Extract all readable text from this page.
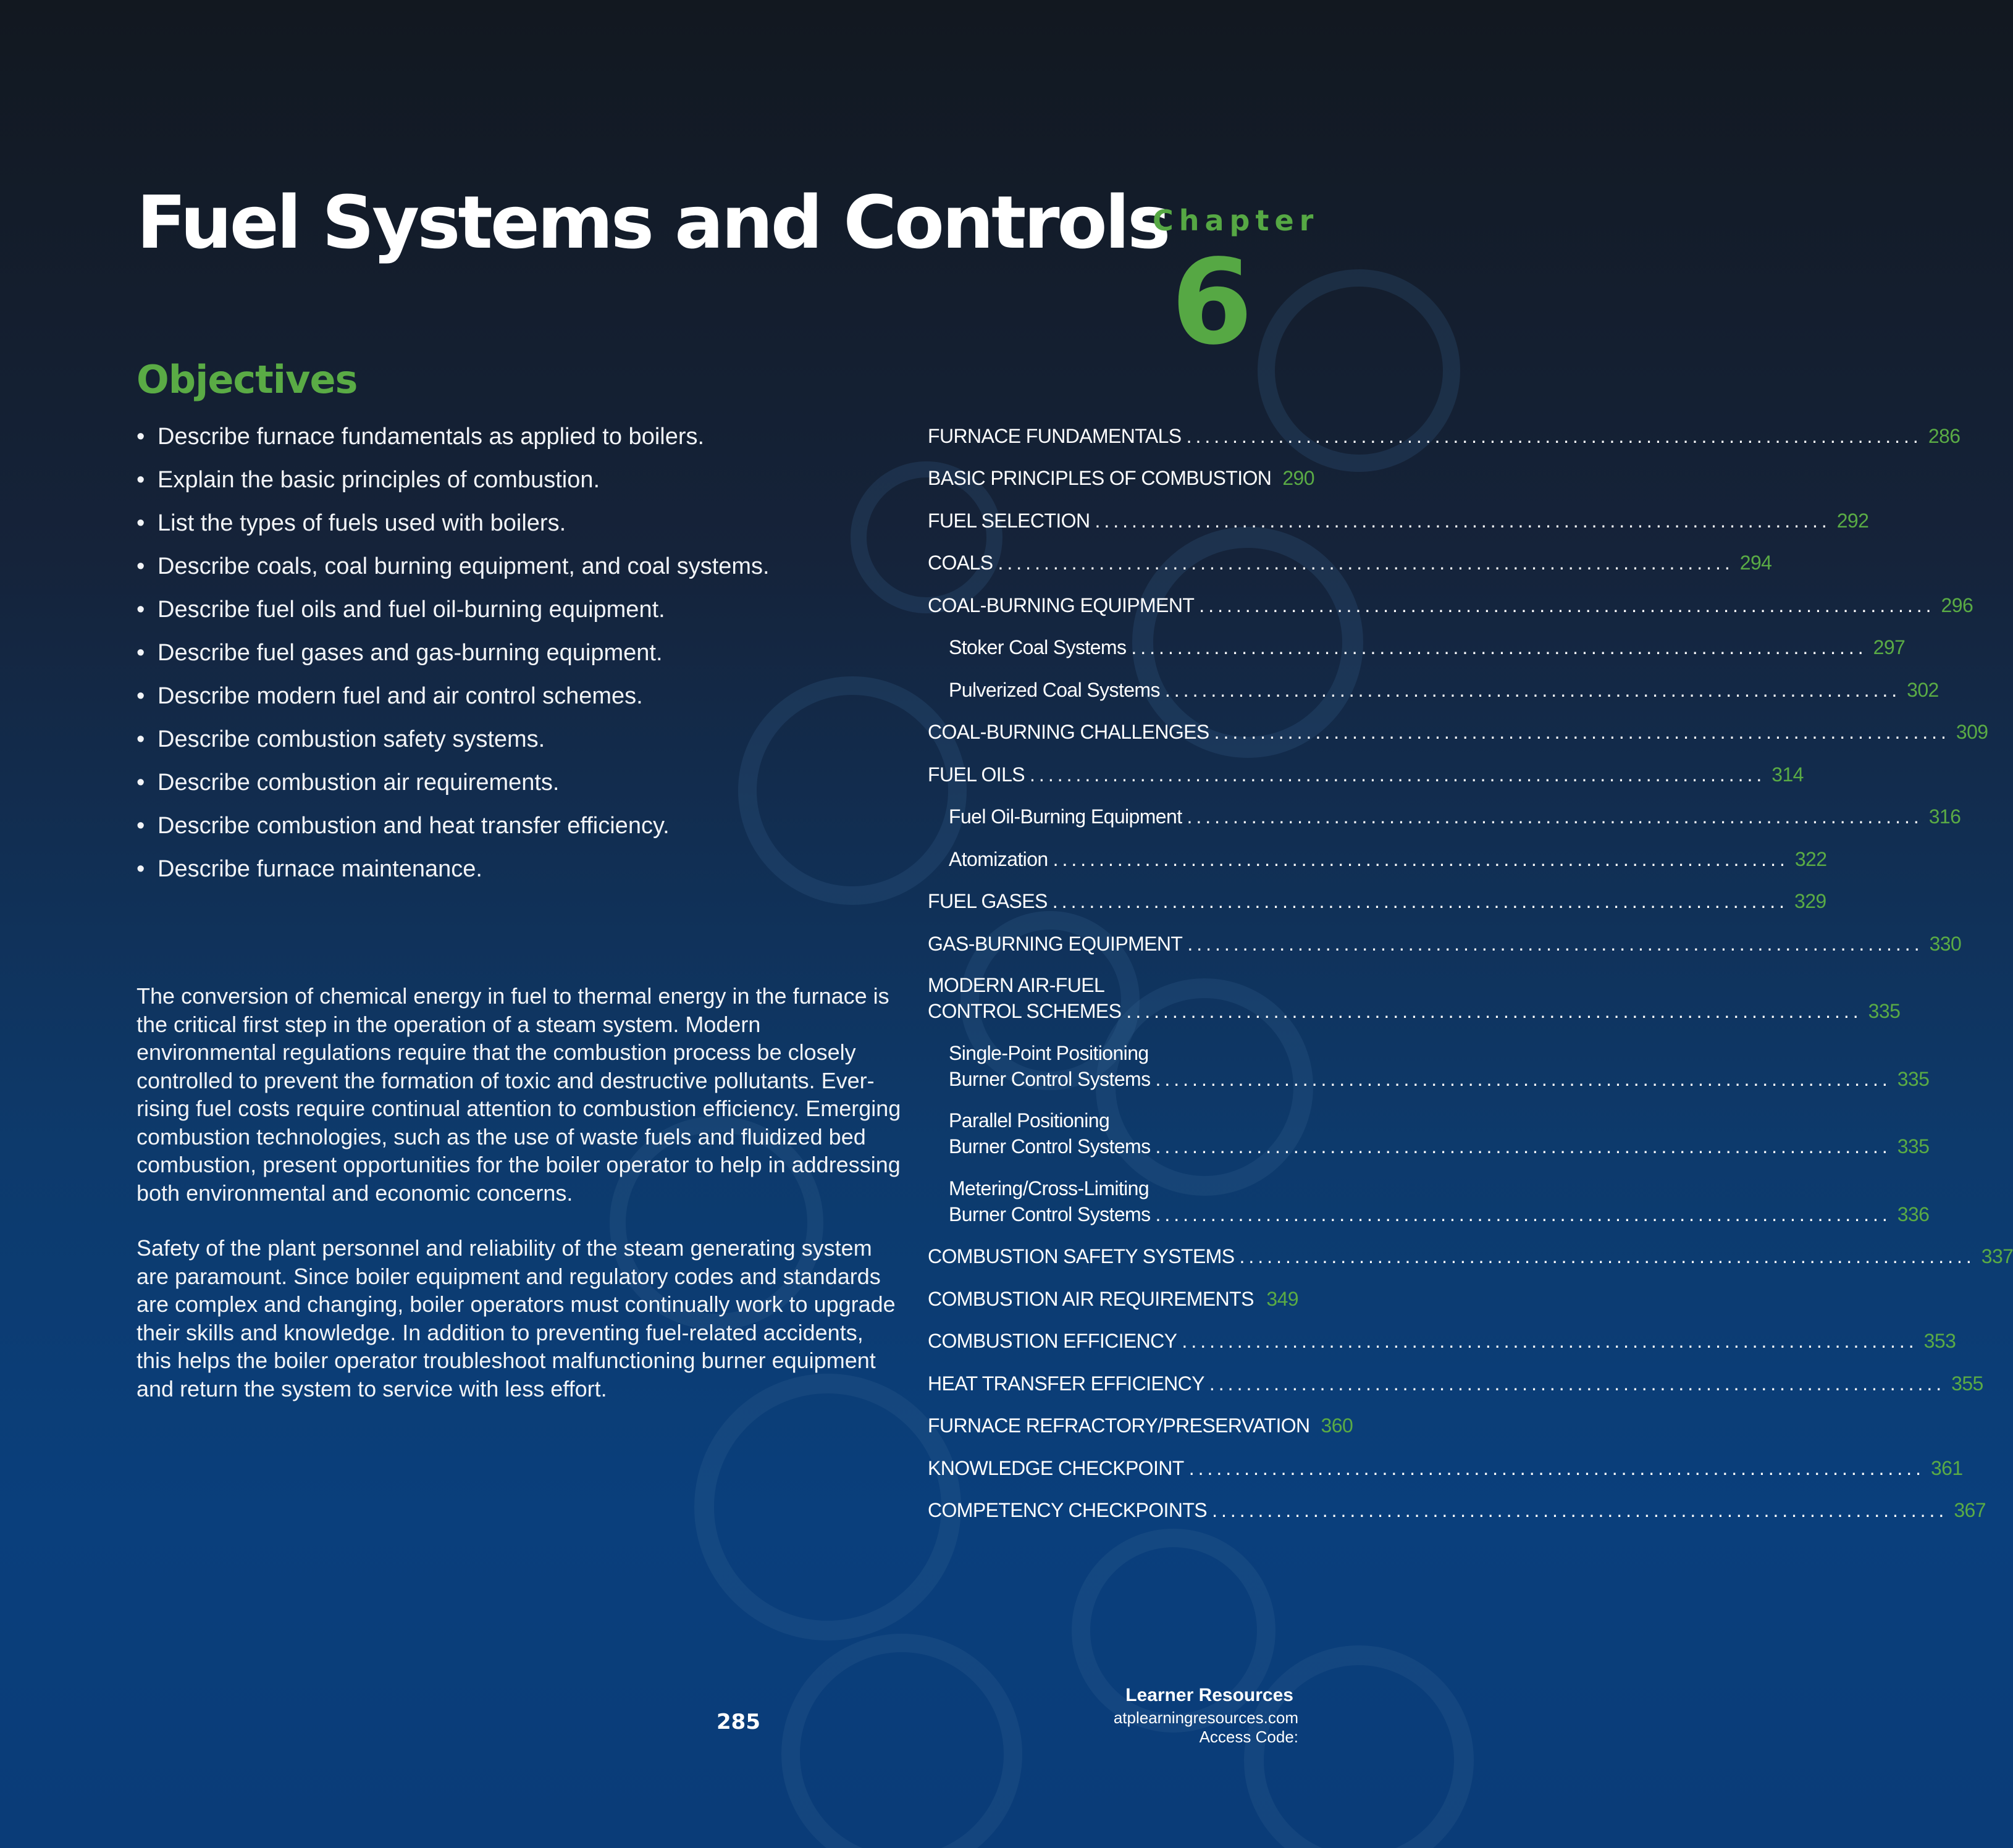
Fuel Systems and Controls
Chapter
6
Objectives
• Describe furnace fundamentals as applied to boilers.
• Explain the basic principles of combustion.
• List the types of fuels used with boilers.
• Describe coals, coal burning equipment, and coal systems.
• Describe fuel oils and fuel oil-burning equipment.
• Describe fuel gases and gas-burning equipment.
• Describe modern fuel and air control schemes.
• Describe combustion safety systems.
• Describe combustion air requirements.
• Describe combustion and heat transfer efficiency.
• Describe furnace maintenance.

The conversion of chemical energy in fuel to thermal energy in the furnace is the critical first step in the operation of a steam system. Modern environmental regulations require that the combustion process be closely controlled to prevent the formation of toxic and destructive pollutants. Ever-rising fuel costs require continual attention to combustion efficiency. Emerging combustion technologies, such as the use of waste fuels and fluidized bed combustion, present opportunities for the boiler operator to help in addressing both environmental and economic concerns.

Safety of the plant personnel and reliability of the steam generating system are paramount. Since boiler equipment and regulatory codes and standards are complex and changing, boiler operators must continually work to upgrade their skills and knowledge. In addition to preventing fuel-related accidents, this helps the boiler operator troubleshoot malfunctioning burner equipment and return the system to service with less effort.

FURNACE FUNDAMENTALS ................................................................................ 286
BASIC PRINCIPLES OF COMBUSTION 290
FUEL SELECTION ................................................................................ 292
COALS ................................................................................ 294
COAL-BURNING EQUIPMENT ................................................................................ 296
Stoker Coal Systems ................................................................................ 297
Pulverized Coal Systems ................................................................................ 302
COAL-BURNING CHALLENGES ................................................................................ 309
FUEL OILS ................................................................................ 314
Fuel Oil-Burning Equipment ................................................................................ 316
Atomization ................................................................................ 322
FUEL GASES ................................................................................ 329
GAS-BURNING EQUIPMENT ................................................................................ 330
MODERN AIR-FUEL
CONTROL SCHEMES ................................................................................ 335
Single-Point Positioning
Burner Control Systems ................................................................................ 335
Parallel Positioning
Burner Control Systems ................................................................................ 335
Metering/Cross-Limiting
Burner Control Systems ................................................................................ 336
COMBUSTION SAFETY SYSTEMS ................................................................................ 337
COMBUSTION AIR REQUIREMENTS 349
COMBUSTION EFFICIENCY ................................................................................ 353
HEAT TRANSFER EFFICIENCY ................................................................................ 355
FURNACE REFRACTORY/PRESERVATION 360
KNOWLEDGE CHECKPOINT ................................................................................ 361
COMPETENCY CHECKPOINTS ................................................................................ 367
285
Learner Resources
atplearningresources.com
Access Code:
